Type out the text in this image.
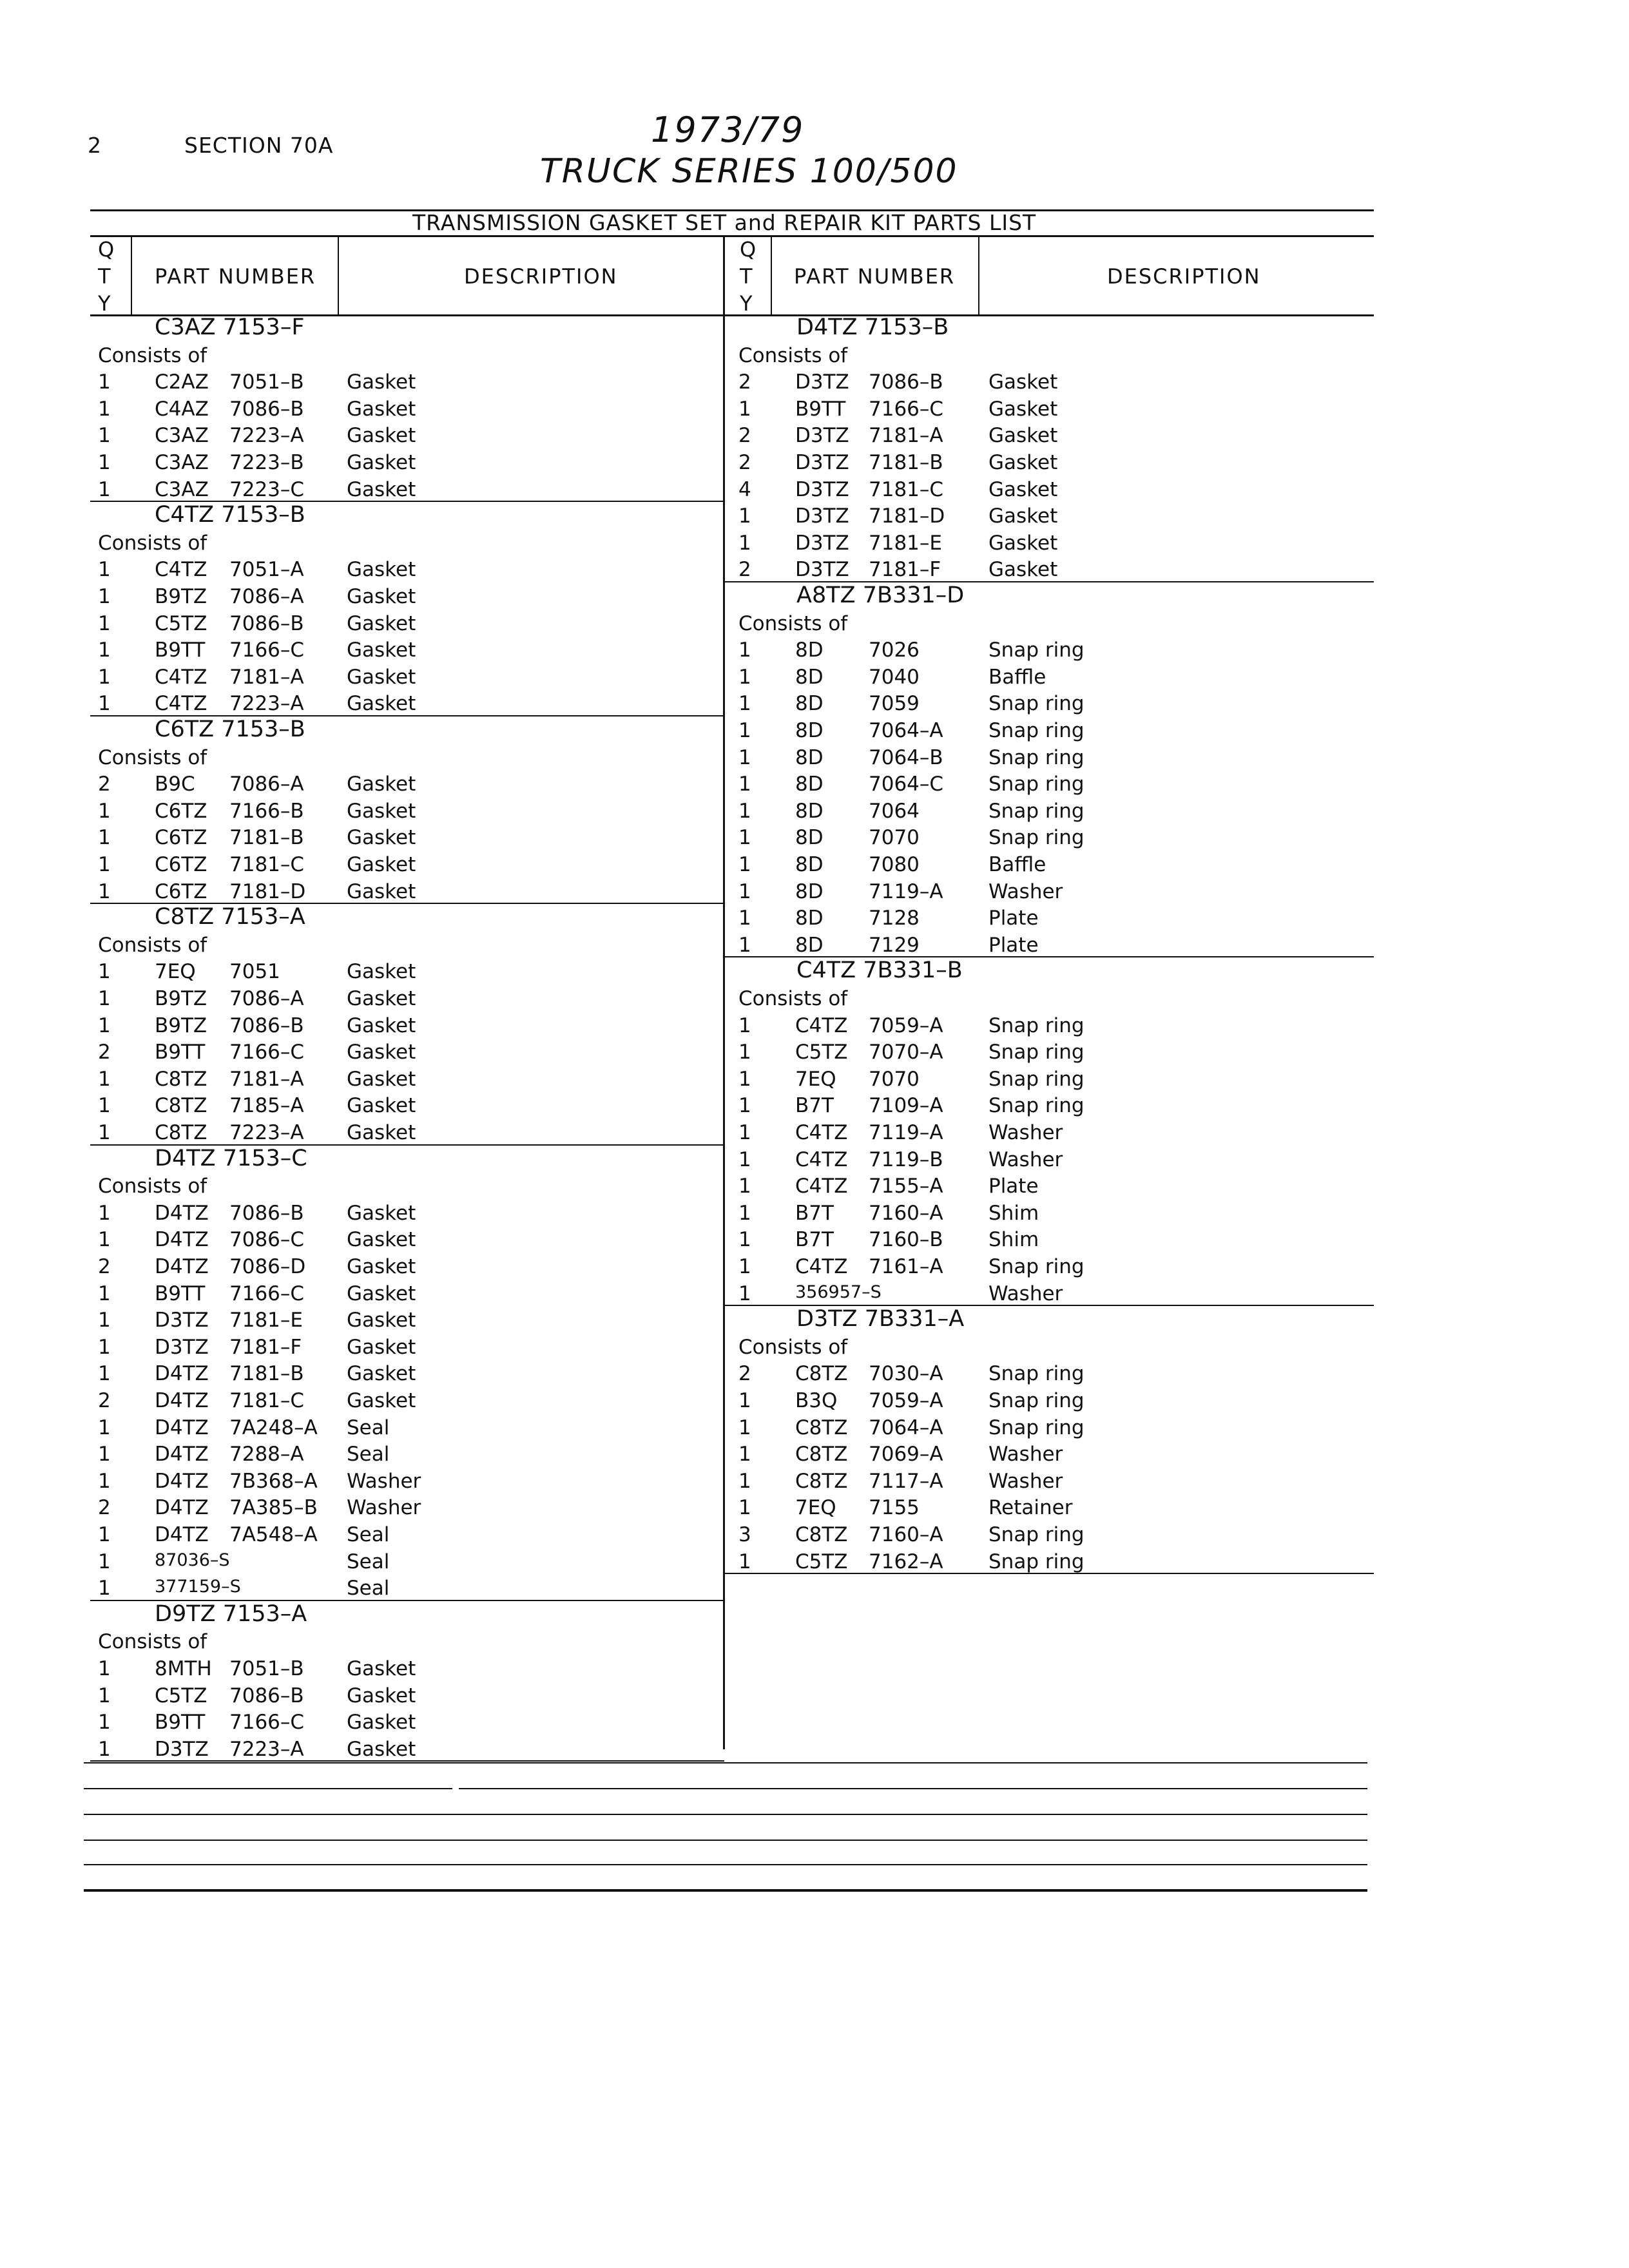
2	SECTION 70A	1973/79
TRUCK SERIES 100/500
TRANSMISSION GASKET SET and REPAIR KIT PARTS LIST
Q
T
Y
PART NUMBER	DESCRIPTION
Q
T
Y
PART NUMBER	DESCRIPTION
C3AZ 7153–F
Consists of
1 C2AZ 7051–B Gasket
1 C4AZ 7086–B Gasket
1 C3AZ 7223–A Gasket
1 C3AZ 7223–B Gasket
1 C3AZ 7223–C Gasket
C4TZ 7153–B
Consists of
1 C4TZ 7051–A Gasket
1 B9TZ 7086–A Gasket
1 C5TZ 7086–B Gasket
1 B9TT 7166–C Gasket
1 C4TZ 7181–A Gasket
1 C4TZ 7223–A Gasket
C6TZ 7153–B
Consists of
2 B9C 7086–A Gasket
1 C6TZ 7166–B Gasket
1 C6TZ 7181–B Gasket
1 C6TZ 7181–C Gasket
1 C6TZ 7181–D Gasket
C8TZ 7153–A
Consists of
1 7EQ 7051	Gasket
1 B9TZ 7086–A Gasket
1 B9TZ 7086–B Gasket
2 B9TT 7166–C Gasket
1 C8TZ 7181–A Gasket
1 C8TZ 7185–A Gasket
1 C8TZ 7223–A Gasket
D4TZ 7153–C
Consists of
1 D4TZ 7086–B Gasket
1 D4TZ 7086–C Gasket
2 D4TZ 7086–D Gasket
1 B9TT 7166–C Gasket
1 D3TZ 7181–E Gasket
1 D3TZ 7181–F Gasket
1 D4TZ 7181–B Gasket
2 D4TZ 7181–C Gasket
1 D4TZ 7A248–A Seal
1 D4TZ 7288–A Seal
1 D4TZ 7B368–A Washer
2 D4TZ 7A385–B Washer
1 D4TZ 7A548–A Seal
1	87036–S	Seal
1	377159–S	Seal
D9TZ 7153–A
Consists of
1 8MTH 7051–B Gasket
1 C5TZ 7086–B Gasket
1 B9TT 7166–C Gasket
1 D3TZ 7223–A Gasket
D4TZ 7153–B
Consists of
2 D3TZ 7086–B Gasket
1 B9TT 7166–C Gasket
2 D3TZ 7181–A Gasket
2 D3TZ 7181–B Gasket
4 D3TZ 7181–C Gasket
1 D3TZ 7181–D Gasket
1 D3TZ 7181–E Gasket
2 D3TZ 7181–F Gasket
A8TZ 7B331–D
Consists of
1 8D 7026	Snap ring
1 8D 7040	Baffle
1 8D 7059	Snap ring
1 8D 7064–A Snap ring
1 8D 7064–B Snap ring
1 8D 7064–C Snap ring
1 8D 7064	Snap ring
1 8D 7070	Snap ring
1 8D 7080	Baffle
1 8D 7119–A Washer
1 8D 7128	Plate
1 8D 7129	Plate
C4TZ 7B331–B
Consists of
1 C4TZ 7059–A Snap ring
1 C5TZ 7070–A Snap ring
1 7EQ 7070	Snap ring
1 B7T 7109–A Snap ring
1 C4TZ 7119–A Washer
1 C4TZ 7119–B Washer
1 C4TZ 7155–A Plate
1 B7T 7160–A Shim
1 B7T 7160–B Shim
1 C4TZ 7161–A Snap ring
1	356957–S	Washer
D3TZ 7B331–A
Consists of
2 C8TZ 7030–A Snap ring
1 B3Q 7059–A Snap ring
1 C8TZ 7064–A Snap ring
1 C8TZ 7069–A Washer
1 C8TZ 7117–A Washer
1 7EQ 7155	Retainer
3 C8TZ 7160–A Snap ring
1 C5TZ 7162–A Snap ring
